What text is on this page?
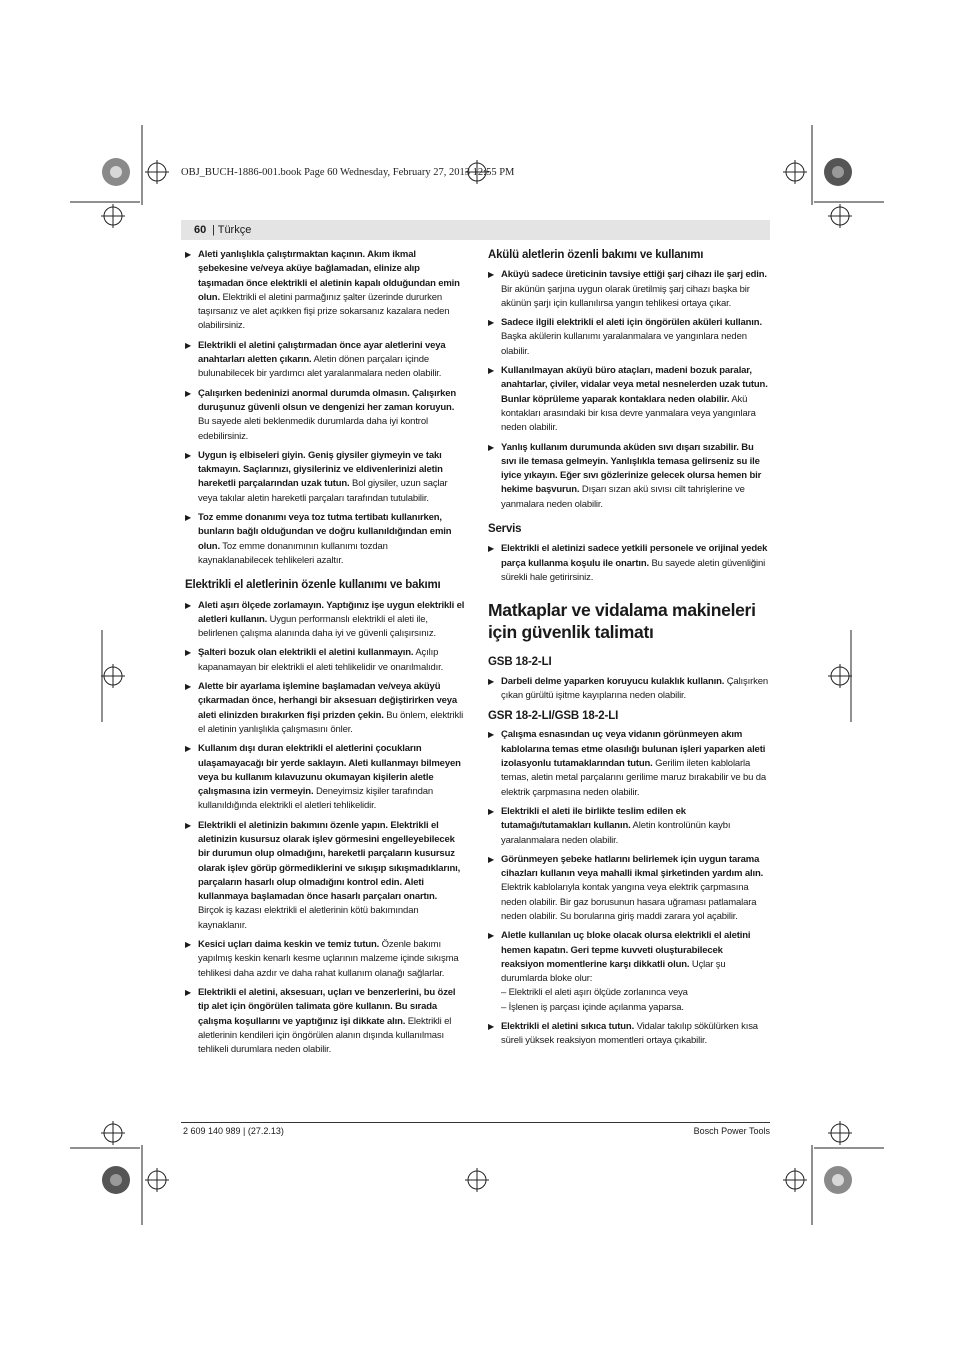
OBJ_BUCH-1886-001.book Page 60 Wednesday, February 27, 2013 12:55 PM
60
|	Türkçe
▶ Aleti yanlışlıkla çalıştırmaktan kaçının. Akım ikmal şebekesine ve/veya aküye bağlamadan, elinize alıp taşımadan önce elektrikli el aletinin kapalı olduğundan emin olun. Elektrikli el aletini parmağınız şalter üzerinde dururken taşırsanız ve alet açıkken fişi prize sokarsanız kazalara neden olabilirsiniz.
▶ Elektrikli el aletini çalıştırmadan önce ayar aletlerini veya anahtarları aletten çıkarın. Aletin dönen parçaları içinde bulunabilecek bir yardımcı alet yaralanmalara neden olabilir.
▶ Çalışırken bedeninizi anormal durumda olmasın. Çalışırken duruşunuz güvenli olsun ve dengenizi her zaman koruyun. Bu sayede aleti beklenmedik durumlarda daha iyi kontrol edebilirsiniz.
▶ Uygun iş elbiseleri giyin. Geniş giysiler giymeyin ve takı takmayın. Saçlarınızı, giysileriniz ve eldivenlerinizi aletin hareketli parçalarından uzak tutun. Bol giysiler, uzun saçlar veya takılar aletin hareketli parçaları tarafından tutulabilir.
▶ Toz emme donanımı veya toz tutma tertibatı kullanırken, bunların bağlı olduğundan ve doğru kullanıldığından emin olun. Toz emme donanımının kullanımı tozdan kaynaklanabilecek tehlikeleri azaltır.
Elektrikli el aletlerinin özenle kullanımı ve bakımı
▶ Aleti aşırı ölçede zorlamayın. Yaptığınız işe uygun elektrikli el aletleri kullanın. Uygun performanslı elektrikli el aleti ile, belirlenen çalışma alanında daha iyi ve güvenli çalışırsınız.
▶ Şalteri bozuk olan elektrikli el aletini kullanmayın. Açılıp kapanamayan bir elektrikli el aleti tehlikelidir ve onarılmalıdır.
▶ Alette bir ayarlama işlemine başlamadan ve/veya aküyü çıkarmadan önce, herhangi bir aksesuarı değiştirirken veya aleti elinizden bırakırken fişi prizden çekin. Bu önlem, elektrikli el aletinin yanlışlıkla çalışmasını önler.
▶ Kullanım dışı duran elektrikli el aletlerini çocukların ulaşamayacağı bir yerde saklayın. Aleti kullanmayı bilmeyen veya bu kullanım kılavuzunu okumayan kişilerin aletle çalışmasına izin vermeyin. Deneyimsiz kişiler tarafından kullanıldığında elektrikli el aletleri tehlikelidir.
▶ Elektrikli el aletinizin bakımını özenle yapın. Elektrikli el aletinizin kusursuz olarak işlev görmesini engelleyebilecek bir durumun olup olmadığını, hareketli parçaların kusursuz olarak işlev görüp görmediklerini ve sıkışıp sıkışmadıklarını, parçaların hasarlı olup olmadığını kontrol edin. Aleti kullanmaya başlamadan önce hasarlı parçaları onartın. Birçok iş kazası elektrikli el aletlerinin kötü bakımından kaynaklanır.
▶ Kesici uçları daima keskin ve temiz tutun. Özenle bakımı yapılmış keskin kenarlı kesme uçlarının malzeme içinde sıkışma tehlikesi daha azdır ve daha rahat kullanım olanağı sağlarlar.
▶ Elektrikli el aletini, aksesuarı, uçları ve benzerlerini, bu özel tip alet için öngörülen talimata göre kullanın. Bu sırada çalışma koşullarını ve yaptığınız işi dikkate alın. Elektrikli el aletlerinin kendileri için öngörülen alanın dışında kullanılması tehlikeli durumlara neden olabilir.
Akülü aletlerin özenli bakımı ve kullanımı
▶ Aküyü sadece üreticinin tavsiye ettiği şarj cihazı ile şarj edin. Bir akünün şarjına uygun olarak üretilmiş şarj cihazı başka bir akünün şarjı için kullanılırsa yangın tehlikesi ortaya çıkar.
▶ Sadece ilgili elektrikli el aleti için öngörülen aküleri kullanın. Başka akülerin kullanımı yaralanmalara ve yangınlara neden olabilir.
▶ Kullanılmayan aküyü büro ataçları, madeni bozuk paralar, anahtarlar, çiviler, vidalar veya metal nesnelerden uzak tutun. Bunlar köprüleme yaparak kontaklara neden olabilir. Akü kontakları arasındaki bir kısa devre yanmalara veya yangınlara neden olabilir.
▶ Yanlış kullanım durumunda aküden sıvı dışarı sızabilir. Bu sıvı ile temasa gelmeyin. Yanlışlıkla temasa gelirseniz su ile iyice yıkayın. Eğer sıvı gözlerinize gelecek olursa hemen bir hekime başvurun. Dışarı sızan akü sıvısı cilt tahrişlerine ve yanmalara neden olabilir.
Servis
▶ Elektrikli el aletinizi sadece yetkili personele ve orijinal yedek parça kullanma koşulu ile onartın. Bu sayede aletin güvenliğini sürekli hale getirirsiniz.
Matkaplar ve vidalama makineleri
için güvenlik talimatı
GSB 18-2-LI
▶ Darbeli delme yaparken koruyucu kulaklık kullanın. Çalışırken çıkan gürültü işitme kayıplarına neden olabilir.
GSR 18-2-LI/GSB 18-2-LI
▶ Çalışma esnasından uç veya vidanın görünmeyen akım kablolarına temas etme olasılığı bulunan işleri yaparken aleti izolasyonlu tutamaklarından tutun. Gerilim ileten kablolarla temas, aletin metal parçalarını gerilime maruz bırakabilir ve bu da elektrik çarpmasına neden olabilir.
▶ Elektrikli el aleti ile birlikte teslim edilen ek tutamağı/tutamakları kullanın. Aletin kontrolünün kaybı yaralanmalara neden olabilir.
▶ Görünmeyen şebeke hatlarını belirlemek için uygun tarama cihazları kullanın veya mahalli ikmal şirketinden yardım alın. Elektrik kablolarıyla kontak yangına veya elektrik çarpmasına neden olabilir. Bir gaz borusunun hasara uğraması patlamalara neden olabilir. Su borularına giriş maddi zarara yol açabilir.
▶ Aletle kullanılan uç bloke olacak olursa elektrikli el aletini hemen kapatın. Geri tepme kuvveti oluşturabilecek reaksiyon momentlerine karşı dikkatli olun. Uçlar şu durumlarda bloke olur:
– Elektrikli el aleti aşırı ölçüde zorlanınca veya
– İşlenen iş parçası içinde açılanma yaparsa.
▶ Elektrikli el aletini sıkıca tutun. Vidalar takılıp sökülürken kısa süreli yüksek reaksiyon momentleri ortaya çıkabilir.
2 609 140 989 | (27.2.13)	Bosch Power Tools
